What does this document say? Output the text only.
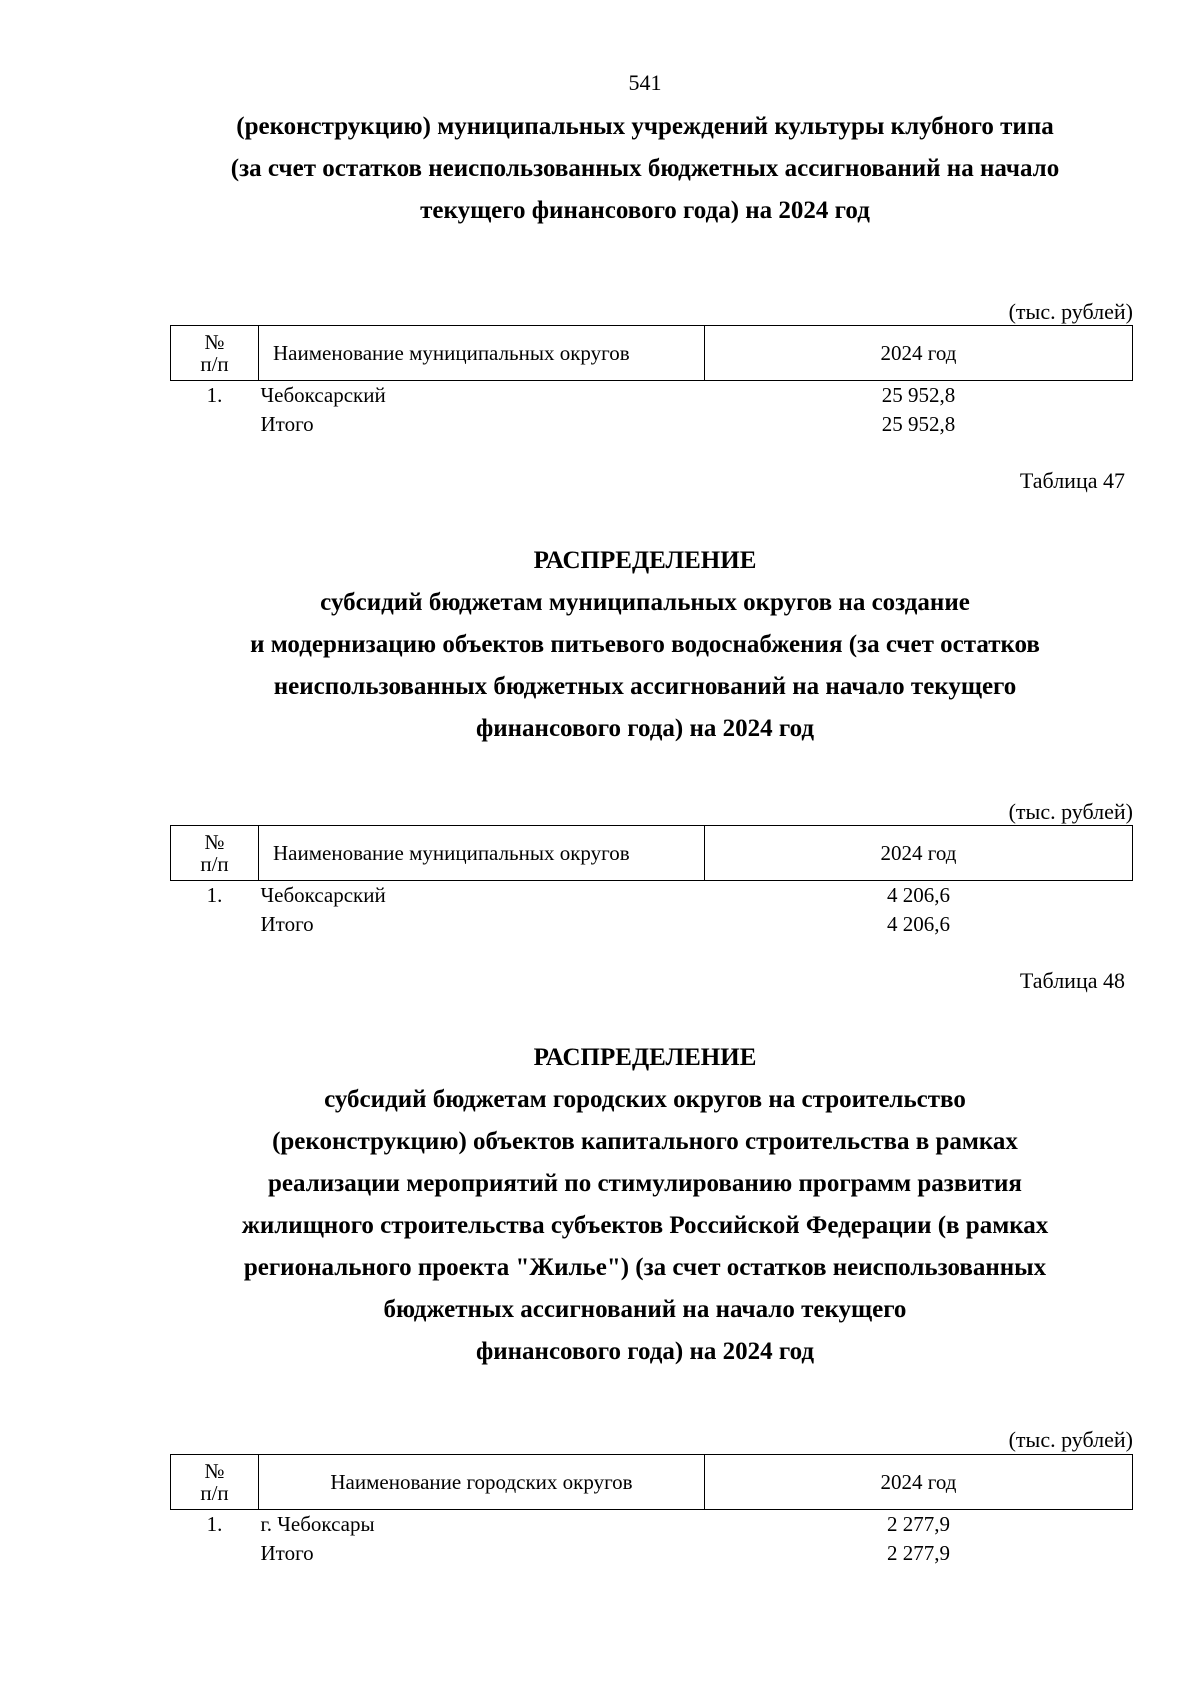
541
(реконструкцию) муниципальных учреждений культуры клубного типа
(за счет остатков неиспользованных бюджетных ассигнований на начало
текущего финансового года) на 2024 год
(тыс. рублей)
№
п/п	Наименование муниципальных округов	2024 год
1.	Чебоксарский	25 952,8
	Итого	25 952,8
Таблица 47
РАСПРЕДЕЛЕНИЕ
субсидий бюджетам муниципальных округов на создание
и модернизацию объектов питьевого водоснабжения (за счет остатков
неиспользованных бюджетных ассигнований на начало текущего
финансового года) на 2024 год
(тыс. рублей)
№
п/п	Наименование муниципальных округов	2024 год
1.	Чебоксарский	4 206,6
	Итого	4 206,6
Таблица 48
РАСПРЕДЕЛЕНИЕ
субсидий бюджетам городских округов на строительство
(реконструкцию) объектов капитального строительства в рамках
реализации мероприятий по стимулированию программ развития
жилищного строительства субъектов Российской Федерации (в рамках
регионального проекта "Жилье") (за счет остатков неиспользованных
бюджетных ассигнований на начало текущего
финансового года) на 2024 год
(тыс. рублей)
№
п/п	Наименование городских округов	2024 год
1.	г. Чебоксары	2 277,9
	Итого	2 277,9
